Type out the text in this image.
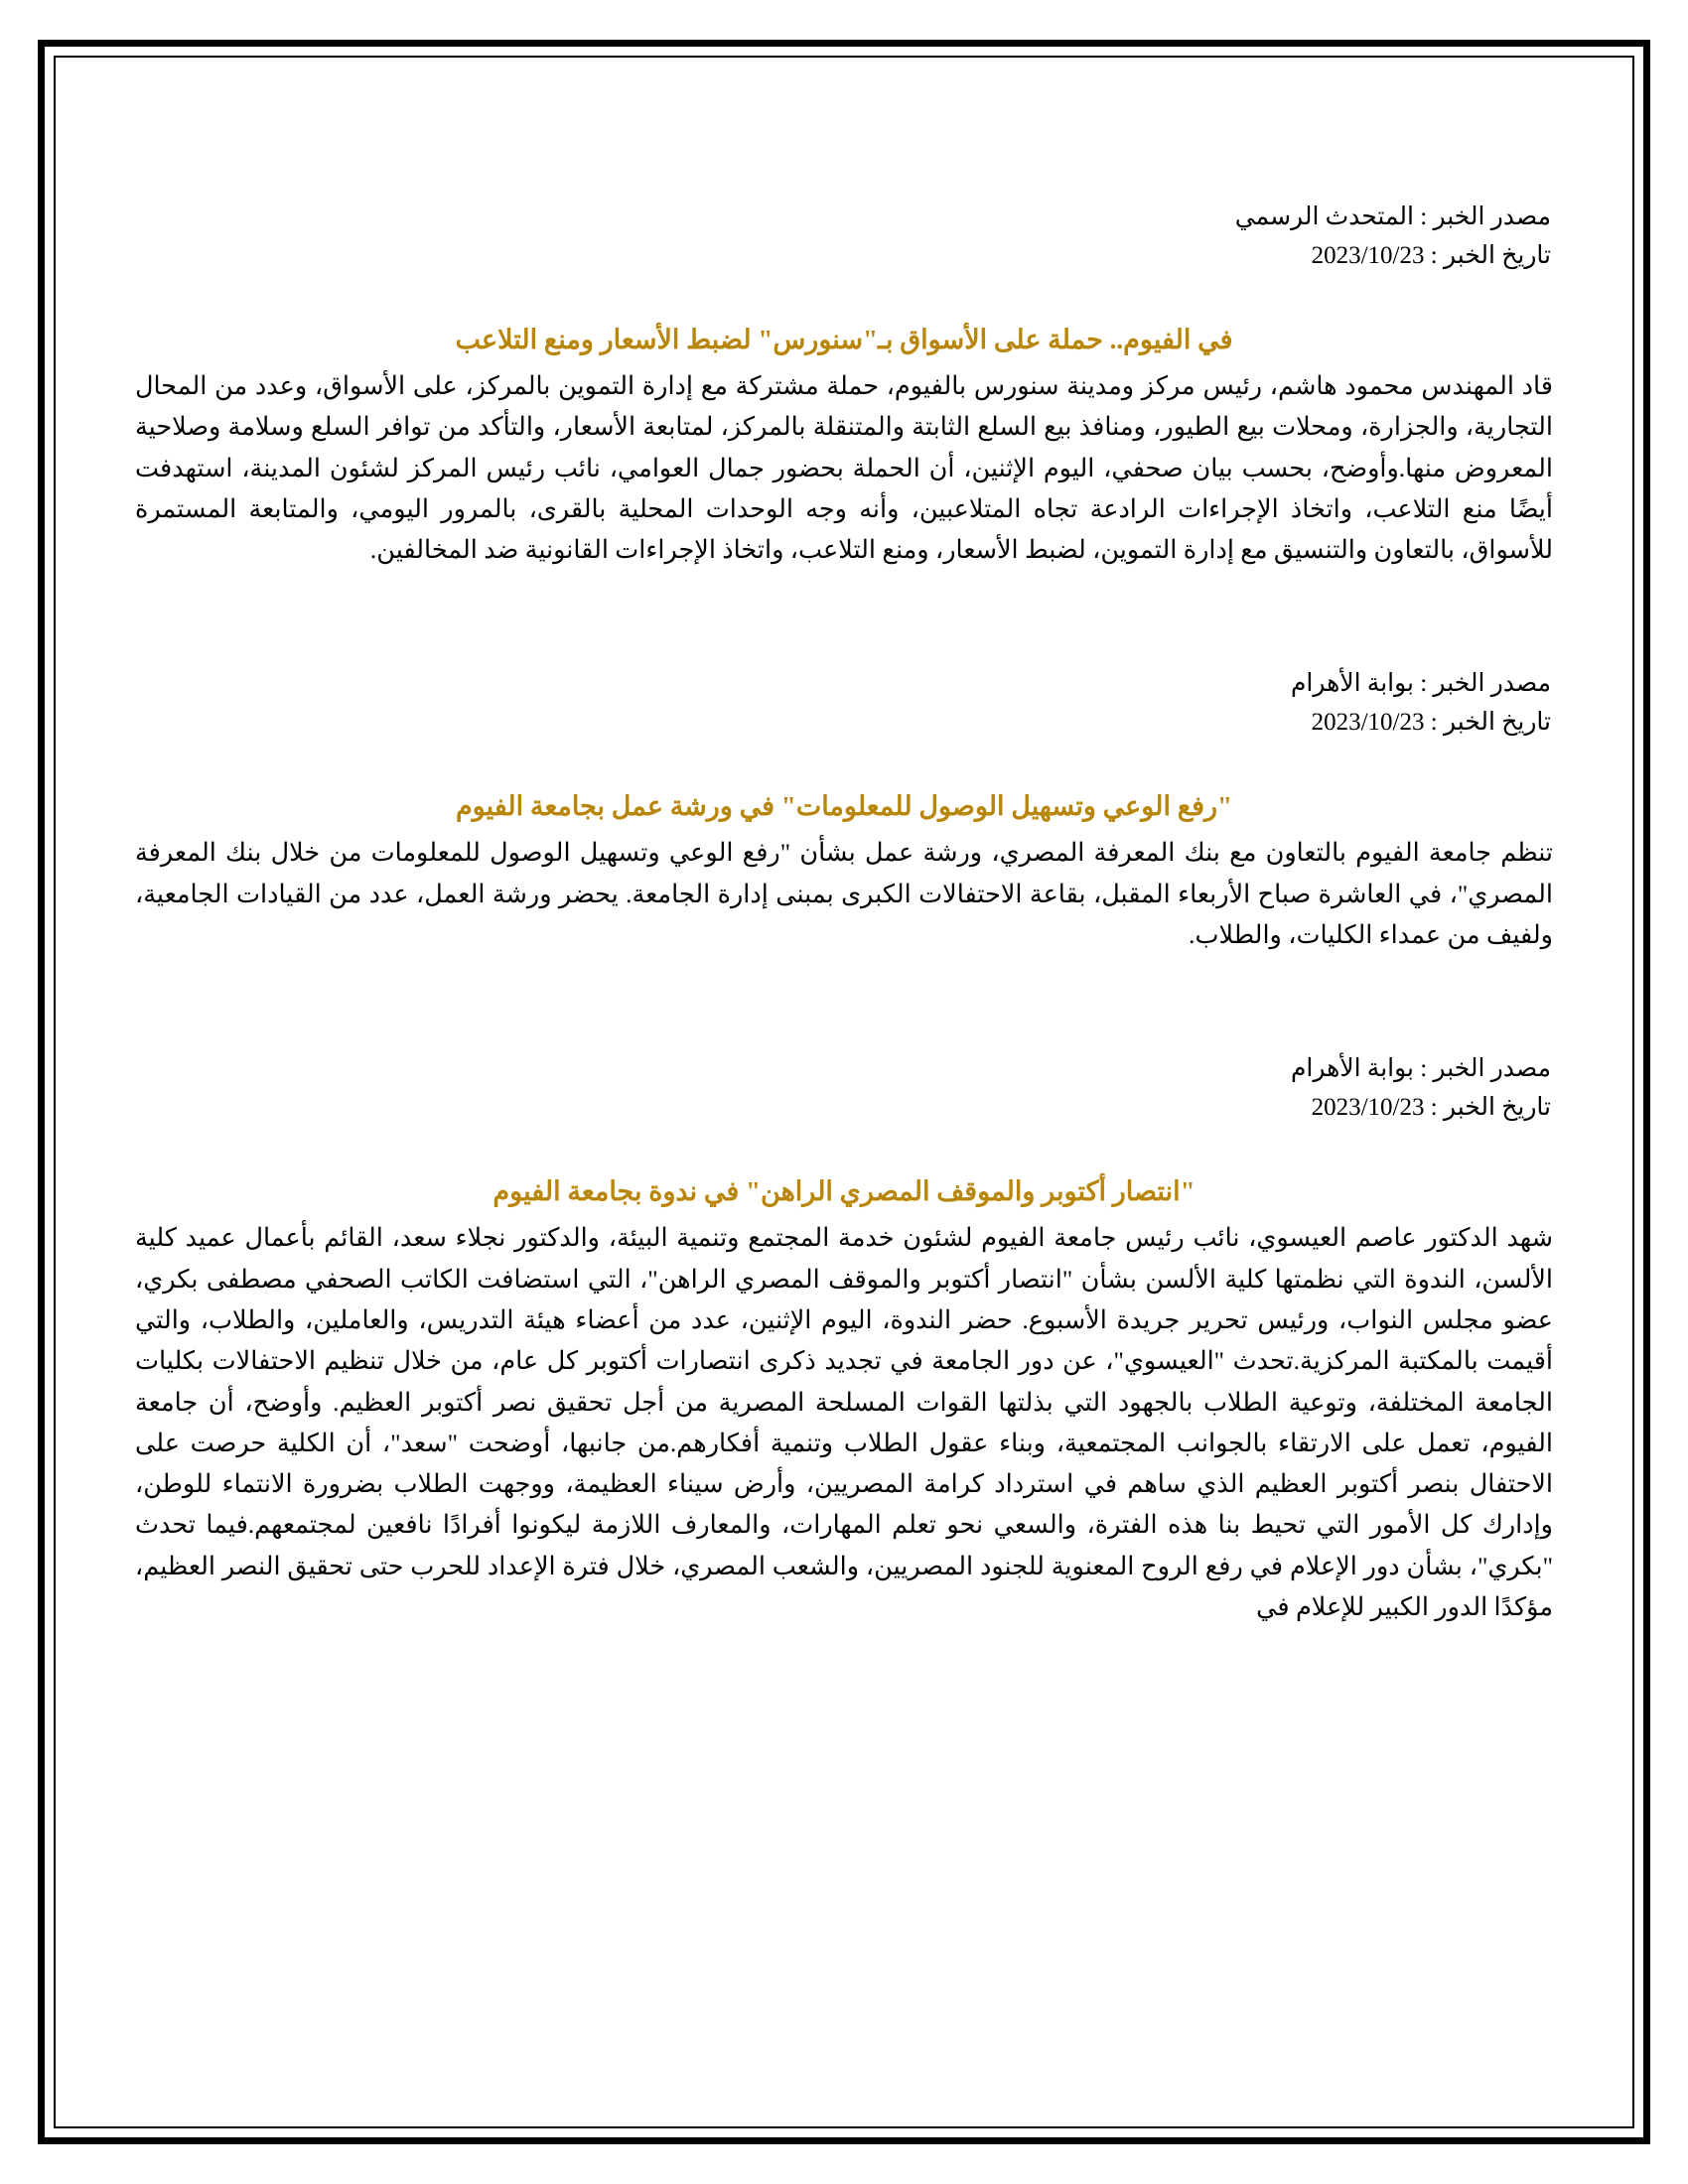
مصدر الخبر : المتحدث الرسمي
تاريخ الخبر : 2023/10/23
في الفيوم.. حملة على الأسواق بـ"سنورس" لضبط الأسعار ومنع التلاعب

قاد المهندس محمود هاشم، رئيس مركز ومدينة سنورس بالفيوم، حملة مشتركة مع إدارة التموين بالمركز، على الأسواق، وعدد من المحال التجارية، والجزارة، ومحلات بيع الطيور، ومنافذ بيع السلع الثابتة والمتنقلة بالمركز، لمتابعة الأسعار، والتأكد من توافر السلع وسلامة وصلاحية المعروض منها.وأوضح، بحسب بيان صحفي، اليوم الإثنين، أن الحملة بحضور جمال العوامي، نائب رئيس المركز لشئون المدينة، استهدفت أيضًا منع التلاعب، واتخاذ الإجراءات الرادعة تجاه المتلاعبين، وأنه وجه الوحدات المحلية بالقرى، بالمرور اليومي، والمتابعة المستمرة للأسواق، بالتعاون والتنسيق مع إدارة التموين، لضبط الأسعار، ومنع التلاعب، واتخاذ الإجراءات القانونية ضد المخالفين.

مصدر الخبر : بوابة الأهرام
تاريخ الخبر : 2023/10/23
"رفع الوعي وتسهيل الوصول للمعلومات" في ورشة عمل بجامعة الفيوم

تنظم جامعة الفيوم بالتعاون مع بنك المعرفة المصري، ورشة عمل بشأن "رفع الوعي وتسهيل الوصول للمعلومات من خلال بنك المعرفة المصري"، في العاشرة صباح الأربعاء المقبل، بقاعة الاحتفالات الكبرى بمبنى إدارة الجامعة. يحضر ورشة العمل، عدد من القيادات الجامعية، ولفيف من عمداء الكليات، والطلاب.

مصدر الخبر : بوابة الأهرام
تاريخ الخبر : 2023/10/23
"انتصار أكتوبر والموقف المصري الراهن" في ندوة بجامعة الفيوم

شهد الدكتور عاصم العيسوي، نائب رئيس جامعة الفيوم لشئون خدمة المجتمع وتنمية البيئة، والدكتور نجلاء سعد، القائم بأعمال عميد كلية الألسن، الندوة التي نظمتها كلية الألسن بشأن "انتصار أكتوبر والموقف المصري الراهن"، التي استضافت الكاتب الصحفي مصطفى بكري، عضو مجلس النواب، ورئيس تحرير جريدة الأسبوع. حضر الندوة، اليوم الإثنين، عدد من أعضاء هيئة التدريس، والعاملين، والطلاب، والتي أقيمت بالمكتبة المركزية.تحدث "العيسوي"، عن دور الجامعة في تجديد ذكرى انتصارات أكتوبر كل عام، من خلال تنظيم الاحتفالات بكليات الجامعة المختلفة، وتوعية الطلاب بالجهود التي بذلتها القوات المسلحة المصرية من أجل تحقيق نصر أكتوبر العظيم. وأوضح، أن جامعة الفيوم، تعمل على الارتقاء بالجوانب المجتمعية، وبناء عقول الطلاب وتنمية أفكارهم.من جانبها، أوضحت "سعد"، أن الكلية حرصت على الاحتفال بنصر أكتوبر العظيم الذي ساهم في استرداد كرامة المصريين، وأرض سيناء العظيمة، ووجهت الطلاب بضرورة الانتماء للوطن، وإدارك كل الأمور التي تحيط بنا هذه الفترة، والسعي نحو تعلم المهارات، والمعارف اللازمة ليكونوا أفرادًا نافعين لمجتمعهم.فيما تحدث "بكري"، بشأن دور الإعلام في رفع الروح المعنوية للجنود المصريين، والشعب المصري، خلال فترة الإعداد للحرب حتى تحقيق النصر العظيم، مؤكدًا الدور الكبير للإعلام في
